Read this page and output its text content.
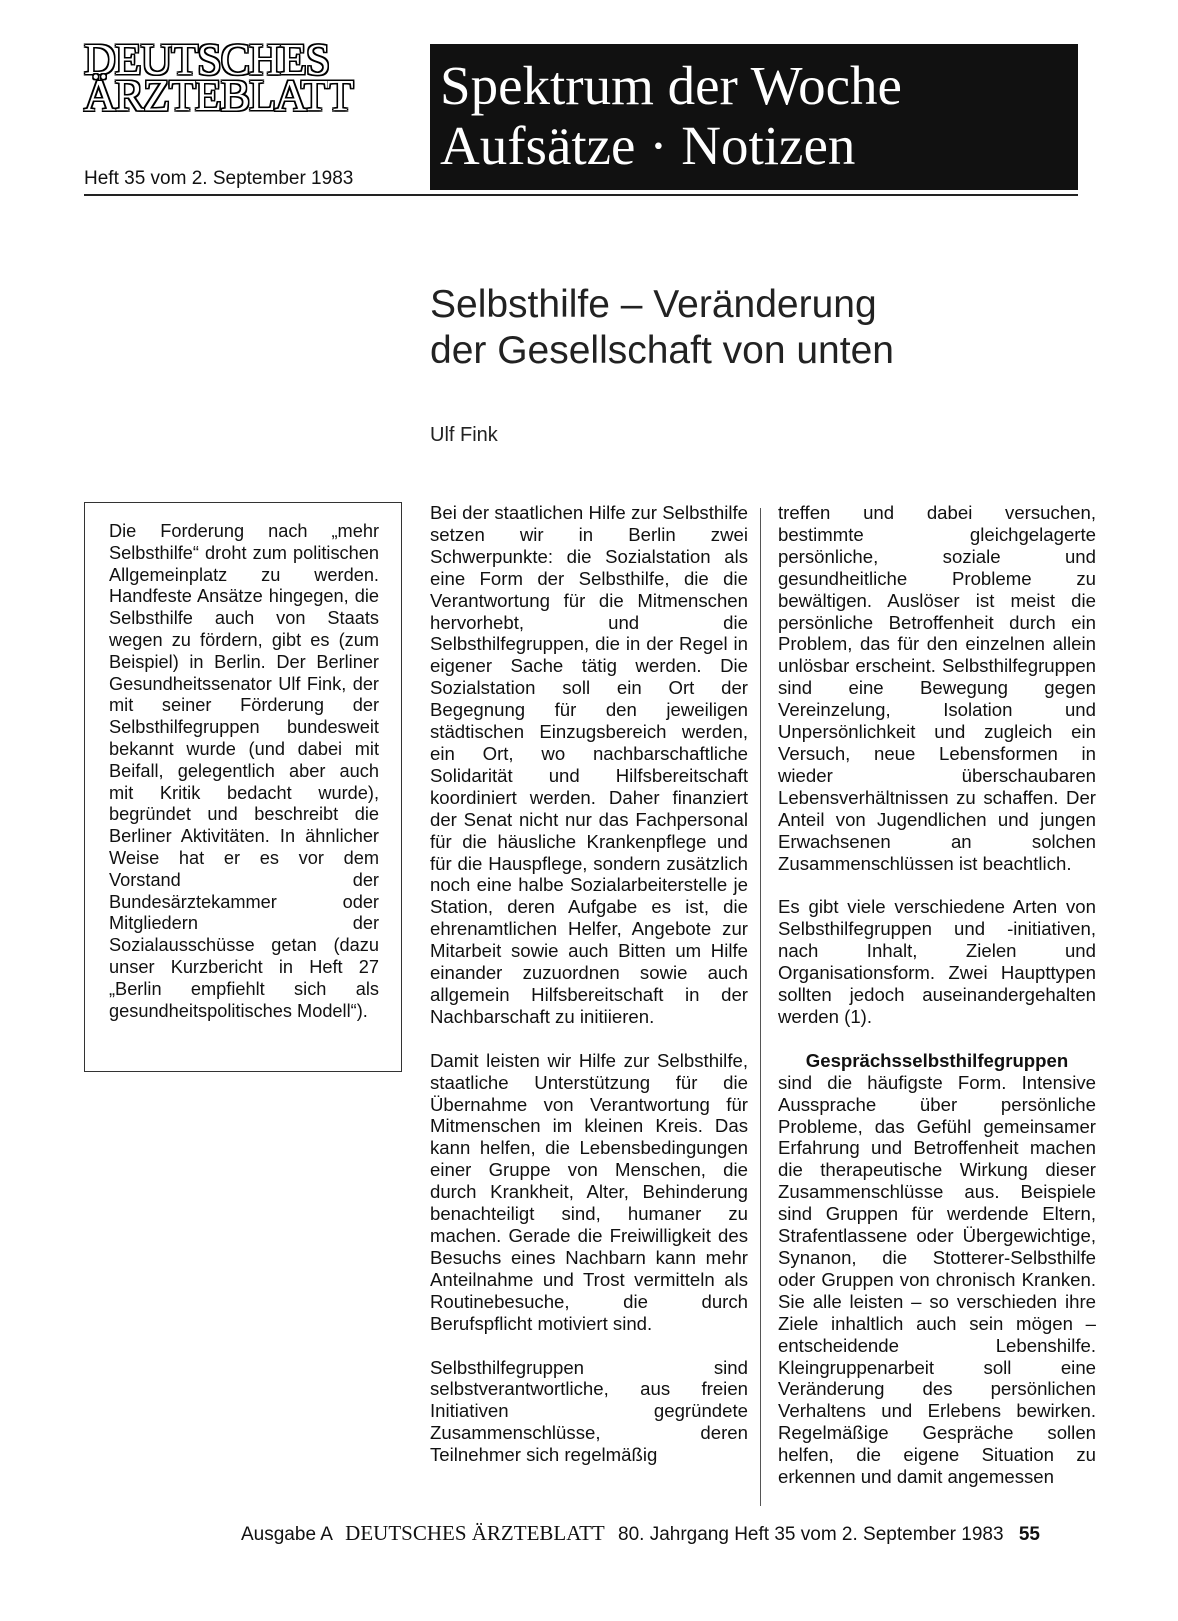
DEUTSCHES
ÄRZTEBLATT
Heft 35 vom 2. September 1983
Spektrum der Woche
Aufsätze · Notizen
Selbsthilfe – Veränderung
der Gesellschaft von unten
Ulf Fink
Die Forderung nach „mehr Selbsthilfe“ droht zum politischen Allgemeinplatz zu werden. Handfeste Ansätze hingegen, die Selbsthilfe auch von Staats wegen zu fördern, gibt es (zum Beispiel) in Berlin. Der Berliner Gesundheitssenator Ulf Fink, der mit seiner Förderung der Selbsthilfegruppen bundesweit bekannt wurde (und dabei mit Beifall, gelegentlich aber auch mit Kritik bedacht wurde), begründet und beschreibt die Berliner Aktivitäten. In ähnlicher Weise hat er es vor dem Vorstand der Bundesärztekammer oder Mitgliedern der Sozialausschüsse getan (dazu unser Kurzbericht in Heft 27 „Berlin empfiehlt sich als gesundheitspolitisches Modell“).

Bei der staatlichen Hilfe zur Selbsthilfe setzen wir in Berlin zwei Schwerpunkte: die Sozialstation als eine Form der Selbsthilfe, die die Verantwortung für die Mitmenschen hervorhebt, und die Selbsthilfegruppen, die in der Regel in eigener Sache tätig werden. Die Sozialstation soll ein Ort der Begegnung für den jeweiligen städtischen Einzugsbereich werden, ein Ort, wo nachbarschaftliche Solidarität und Hilfsbereitschaft koordiniert werden. Daher finanziert der Senat nicht nur das Fachpersonal für die häusliche Krankenpflege und für die Hauspflege, sondern zusätzlich noch eine halbe Sozialarbeiterstelle je Station, deren Aufgabe es ist, die ehrenamtlichen Helfer, Angebote zur Mitarbeit sowie auch Bitten um Hilfe einander zuzuordnen sowie auch allgemein Hilfsbereitschaft in der Nachbarschaft zu initiieren.

Damit leisten wir Hilfe zur Selbsthilfe, staatliche Unterstützung für die Übernahme von Verantwortung für Mitmenschen im kleinen Kreis. Das kann helfen, die Lebensbedingungen einer Gruppe von Menschen, die durch Krankheit, Alter, Behinderung benachteiligt sind, humaner zu machen. Gerade die Freiwilligkeit des Besuchs eines Nachbarn kann mehr Anteilnahme und Trost vermitteln als Routinebesuche, die durch Berufspflicht motiviert sind.

Selbsthilfegruppen sind selbstverantwortliche, aus freien Initiativen gegründete Zusammenschlüsse, deren Teilnehmer sich regelmäßig

treffen und dabei versuchen, bestimmte gleichgelagerte persönliche, soziale und gesundheitliche Probleme zu bewältigen. Auslöser ist meist die persönliche Betroffenheit durch ein Problem, das für den einzelnen allein unlösbar erscheint. Selbsthilfegruppen sind eine Bewegung gegen Vereinzelung, Isolation und Unpersönlichkeit und zugleich ein Versuch, neue Lebensformen in wieder überschaubaren Lebensverhältnissen zu schaffen. Der Anteil von Jugendlichen und jungen Erwachsenen an solchen Zusammenschlüssen ist beachtlich.

Es gibt viele verschiedene Arten von Selbsthilfegruppen und -initiativen, nach Inhalt, Zielen und Organisationsform. Zwei Haupttypen sollten jedoch auseinandergehalten werden (1).

Gesprächsselbsthilfegruppen
sind die häufigste Form. Intensive Aussprache über persönliche Probleme, das Gefühl gemeinsamer Erfahrung und Betroffenheit machen die therapeutische Wirkung dieser Zusammenschlüsse aus. Beispiele sind Gruppen für werdende Eltern, Strafentlassene oder Übergewichtige, Synanon, die Stotterer-Selbsthilfe oder Gruppen von chronisch Kranken. Sie alle leisten – so verschieden ihre Ziele inhaltlich auch sein mögen – entscheidende Lebenshilfe. Kleingruppenarbeit soll eine Veränderung des persönlichen Verhaltens und Erlebens bewirken. Regelmäßige Gespräche sollen helfen, die eigene Situation zu erkennen und damit angemessen

Ausgabe A DEUTSCHES ÄRZTEBLATT 80. Jahrgang Heft 35 vom 2. September 1983 55
